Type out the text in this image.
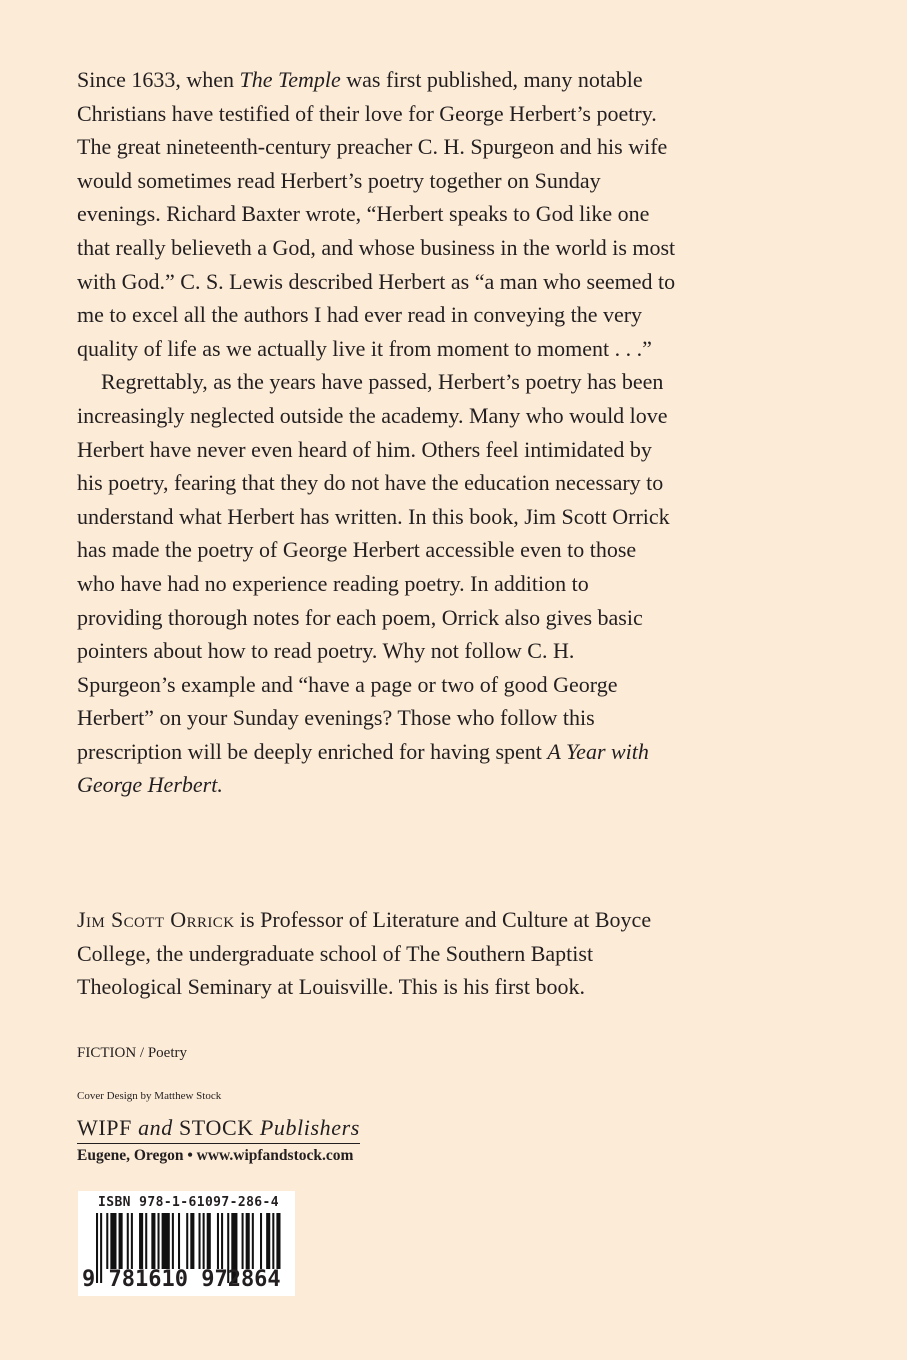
Since 1633, when The Temple was first published, many notable Christians have testified of their love for George Herbert’s poetry. The great nineteenth-century preacher C. H. Spurgeon and his wife would sometimes read Herbert’s poetry together on Sunday evenings. Richard Baxter wrote, “Herbert speaks to God like one that really believeth a God, and whose business in the world is most with God.” C. S. Lewis described Herbert as “a man who seemed to me to excel all the authors I had ever read in conveying the very quality of life as we actually live it from moment to moment . . .”

Regrettably, as the years have passed, Herbert’s poetry has been increasingly neglected outside the academy. Many who would love Herbert have never even heard of him. Others feel intimidated by his poetry, fearing that they do not have the education necessary to understand what Herbert has written. In this book, Jim Scott Orrick has made the poetry of George Herbert accessible even to those who have had no experience reading poetry. In addition to providing thorough notes for each poem, Orrick also gives basic pointers about how to read poetry. Why not follow C. H. Spurgeon’s example and “have a page or two of good George Herbert” on your Sunday evenings? Those who follow this prescription will be deeply enriched for having spent A Year with George Herbert.

Jim Scott Orrick is Professor of Literature and Culture at Boyce College, the undergraduate school of The Southern Baptist Theological Seminary at Louisville. This is his first book.

FICTION / Poetry
Cover Design by Matthew Stock
WIPF and STOCK Publishers
Eugene, Oregon • www.wipfandstock.com
ISBN 978-1-61097-286-4
9 781610 972864
